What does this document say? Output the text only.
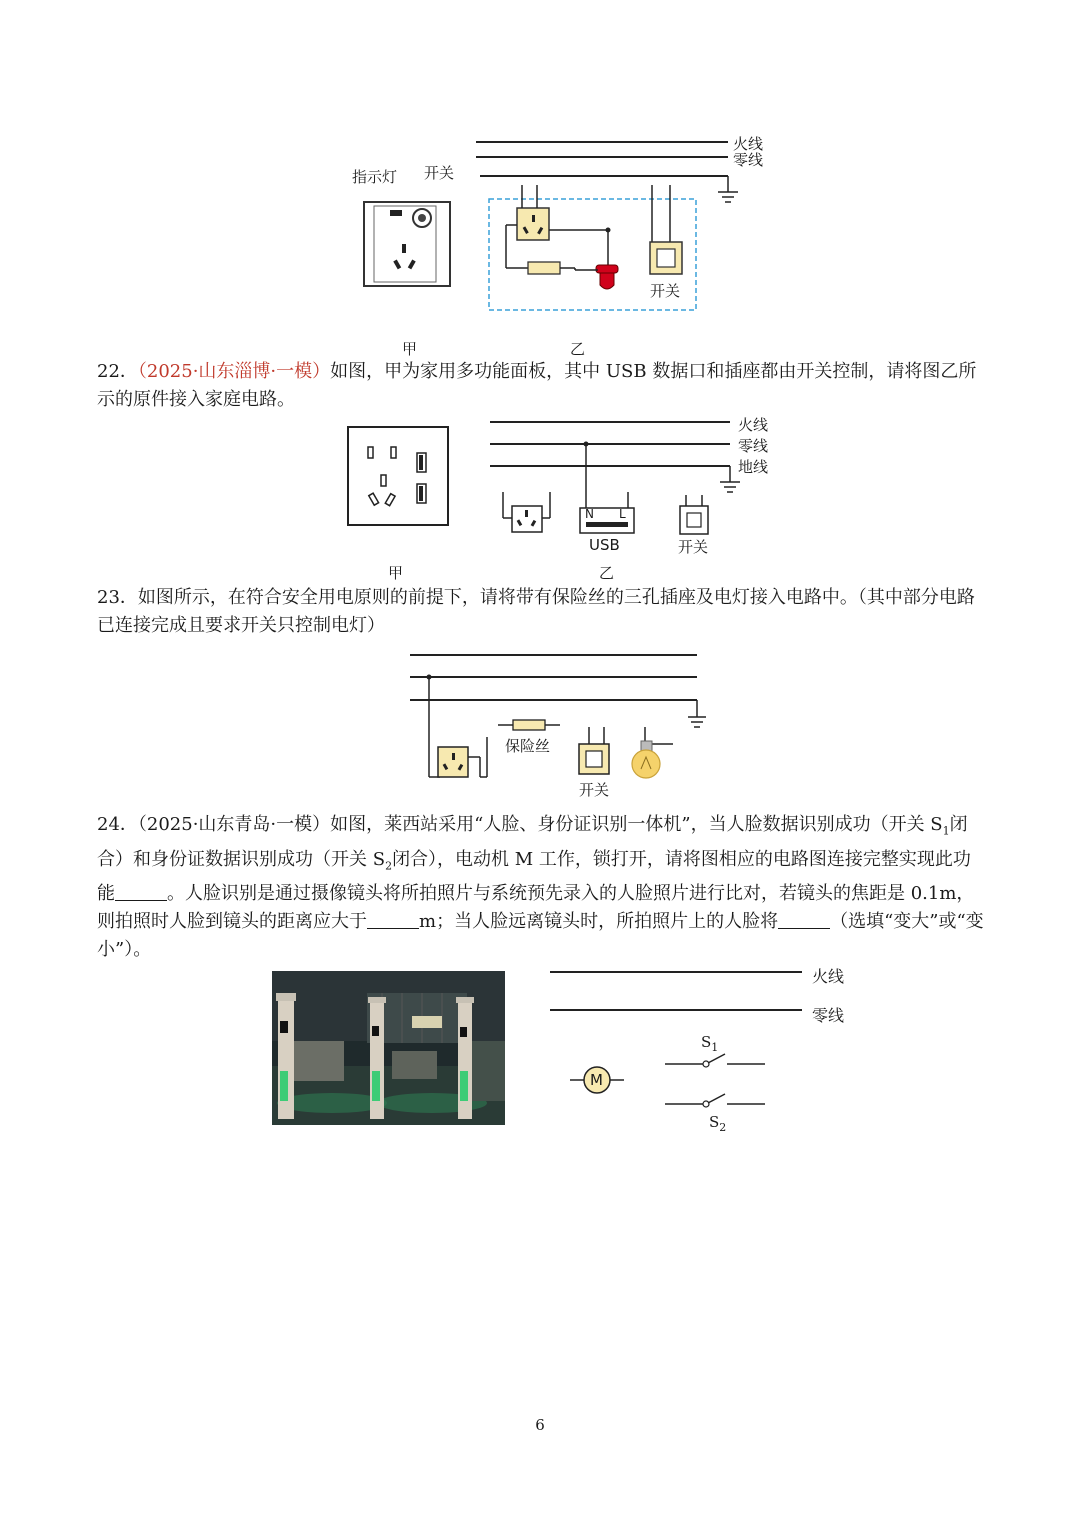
火线
零线
指示灯 开关
开关
甲	乙
22．（2025·山东淄博·一模）如图，甲为家用多功能面板，其中 USB 数据口和插座都由开关控制，请将图乙所示的原件接入家庭电路。
火线
零线
地线
N L
USB	开关
甲	乙
23．如图所示，在符合安全用电原则的前提下，请将带有保险丝的三孔插座及电灯接入电路中。（其中部分电路已连接完成且要求开关只控制电灯）
保险丝
开关
24．（2025·山东青岛·一模）如图，莱西站采用“人脸、身份证识别一体机”，当人脸数据识别成功（开关 $S_1$闭合）和身份证数据识别成功（开关 $S_2$闭合），电动机 M 工作，锁打开，请将图相应的电路图连接完整实现此功能	。人脸识别是通过摄像镜头将所拍照片与系统预先录入的人脸照片进行比对，若镜头的焦距是 0.1m，则拍照时人脸到镜头的距离应大于	m；当人脸远离镜头时，所拍照片上的人脸将	（选填“变大”或“变小”）。
火线
零线
M
$S_1$
$S_2$
6
